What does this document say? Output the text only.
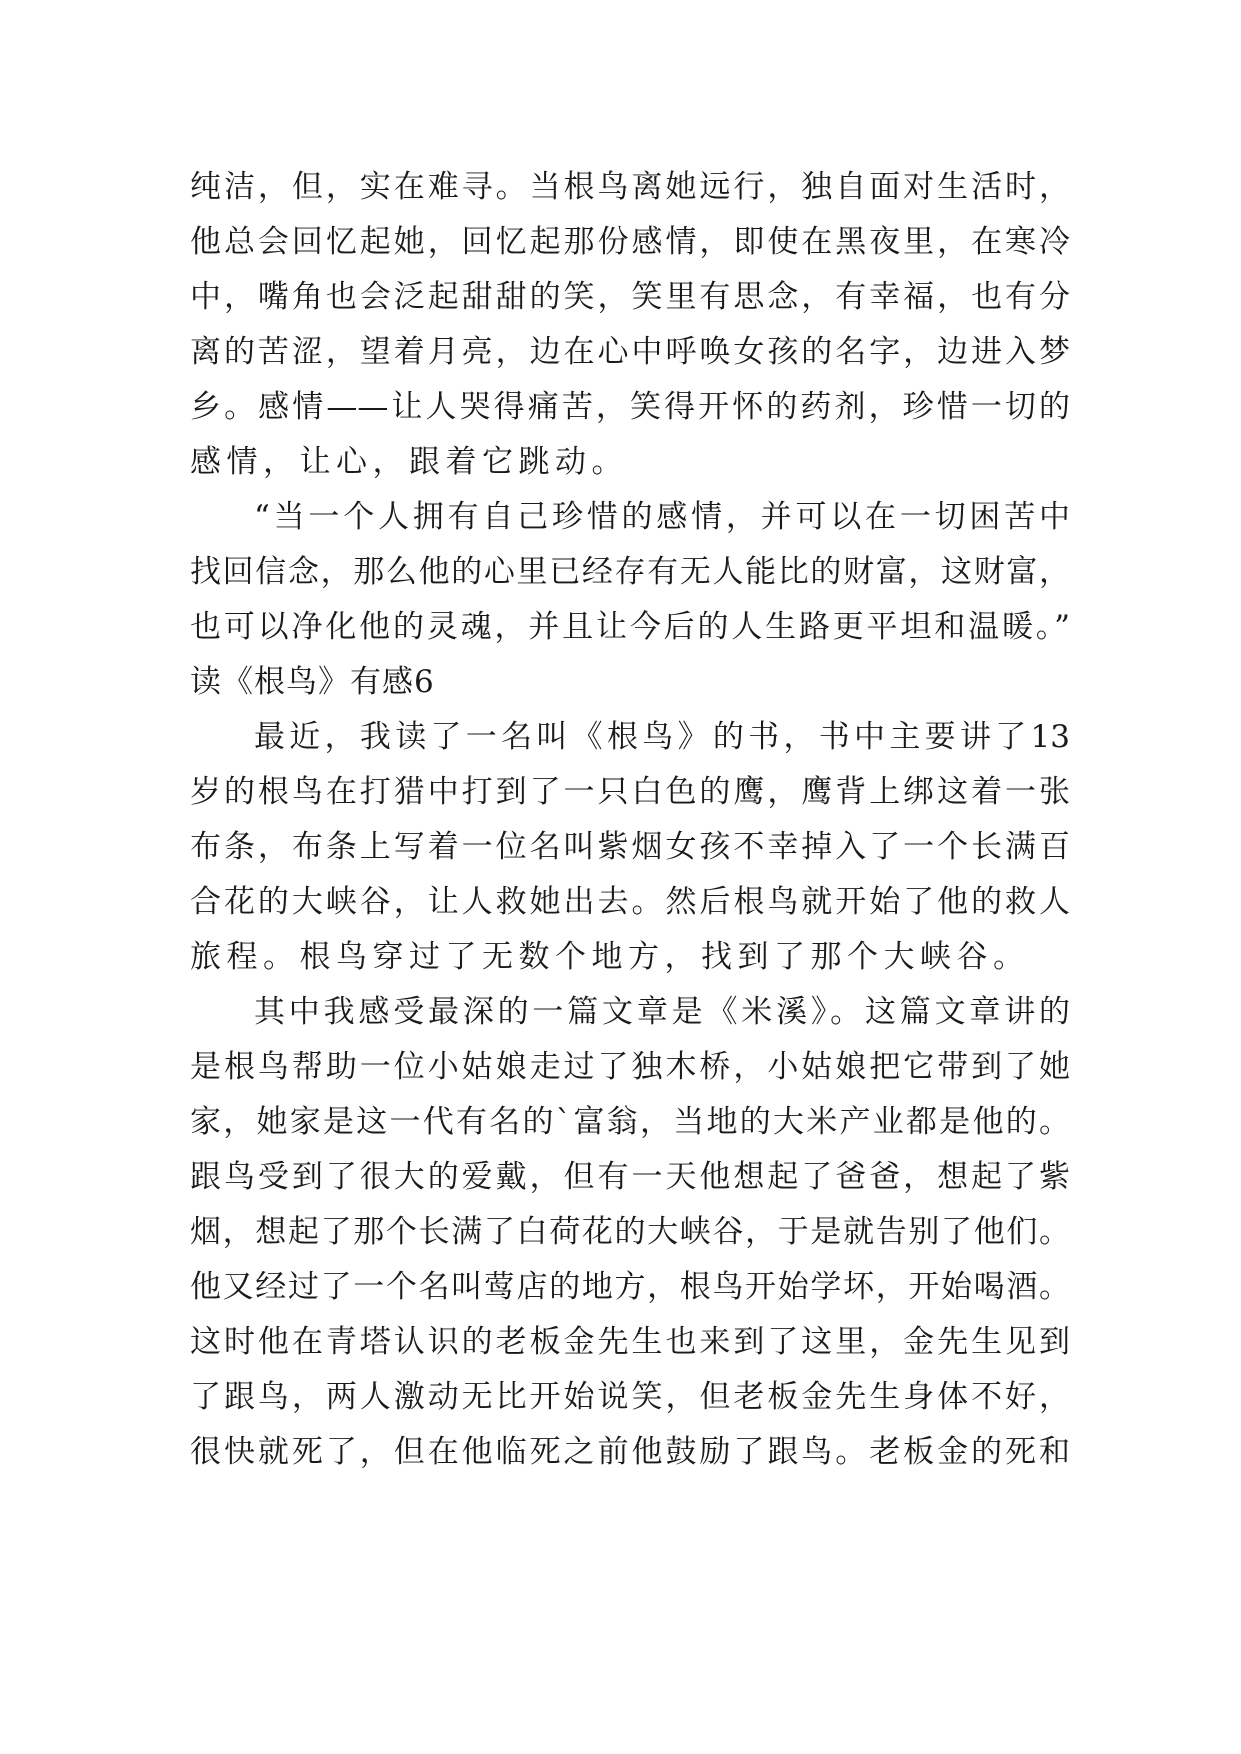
纯洁，但，实在难寻。当根鸟离她远行，独自面对生活时，
他总会回忆起她，回忆起那份感情，即使在黑夜里，在寒冷
中，嘴角也会泛起甜甜的笑，笑里有思念，有幸福，也有分
离的苦涩，望着月亮，边在心中呼唤女孩的名字，边进入梦
乡。感情——让人哭得痛苦，笑得开怀的药剂，珍惜一切的
感情，让心，跟着它跳动。
“当一个人拥有自己珍惜的感情，并可以在一切困苦中
找回信念，那么他的心里已经存有无人能比的财富，这财富，
也可以净化他的灵魂，并且让今后的人生路更平坦和温暖。”
读《根鸟》有感6
最近，我读了一名叫《根鸟》的书，书中主要讲了13
岁的根鸟在打猎中打到了一只白色的鹰，鹰背上绑这着一张
布条，布条上写着一位名叫紫烟女孩不幸掉入了一个长满百
合花的大峡谷，让人救她出去。然后根鸟就开始了他的救人
旅程。根鸟穿过了无数个地方，找到了那个大峡谷。
其中我感受最深的一篇文章是《米溪》。这篇文章讲的
是根鸟帮助一位小姑娘走过了独木桥，小姑娘把它带到了她
家，她家是这一代有名的`富翁，当地的大米产业都是他的。
跟鸟受到了很大的爱戴，但有一天他想起了爸爸，想起了紫
烟，想起了那个长满了白荷花的大峡谷，于是就告别了他们。
他又经过了一个名叫莺店的地方，根鸟开始学坏，开始喝酒。
这时他在青塔认识的老板金先生也来到了这里，金先生见到
了跟鸟，两人激动无比开始说笑，但老板金先生身体不好，
很快就死了，但在他临死之前他鼓励了跟鸟。老板金的死和
